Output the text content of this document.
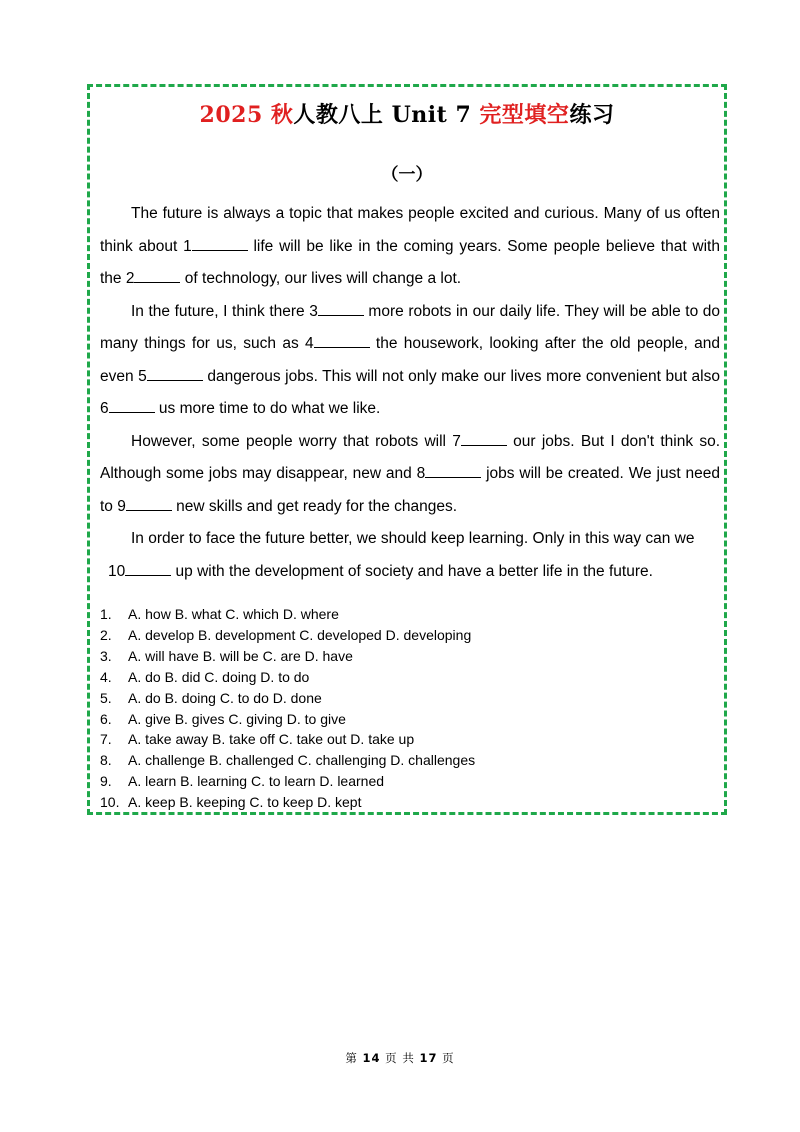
2025 秋人教八上 Unit 7 完型填空练习
（一）

The future is always a topic that makes people excited and curious. Many of us often think about 1	life will be like in the coming years. Some people believe that with the 2	of technology, our lives will change a lot.

In the future, I think there 3	more robots in our daily life. They will be able to do many things for us, such as 4	the housework, looking after the old people, and even 5	dangerous jobs. This will not only make our lives more convenient but also 6	us more time to do what we like.

However, some people worry that robots will 7	our jobs. But I don't think so. Although some jobs may disappear, new and 8	jobs will be created. We just need to 9	new skills and get ready for the changes.

In order to face the future better, we should keep learning. Only in this way can we

10	up with the development of society and have a better life in the future.

1.	A. how B. what C. which D. where
2.	A. develop B. development C. developed D. developing
3.	A. will have B. will be C. are D. have
4.	A. do B. did C. doing D. to do
5.	A. do B. doing C. to do D. done
6.	A. give B. gives C. giving D. to give
7.	A. take away B. take off C. take out D. take up
8.	A. challenge B. challenged C. challenging D. challenges
9.	A. learn B. learning C. to learn D. learned
10. A. keep B. keeping C. to keep D. kept
第 14 页 共 17 页
